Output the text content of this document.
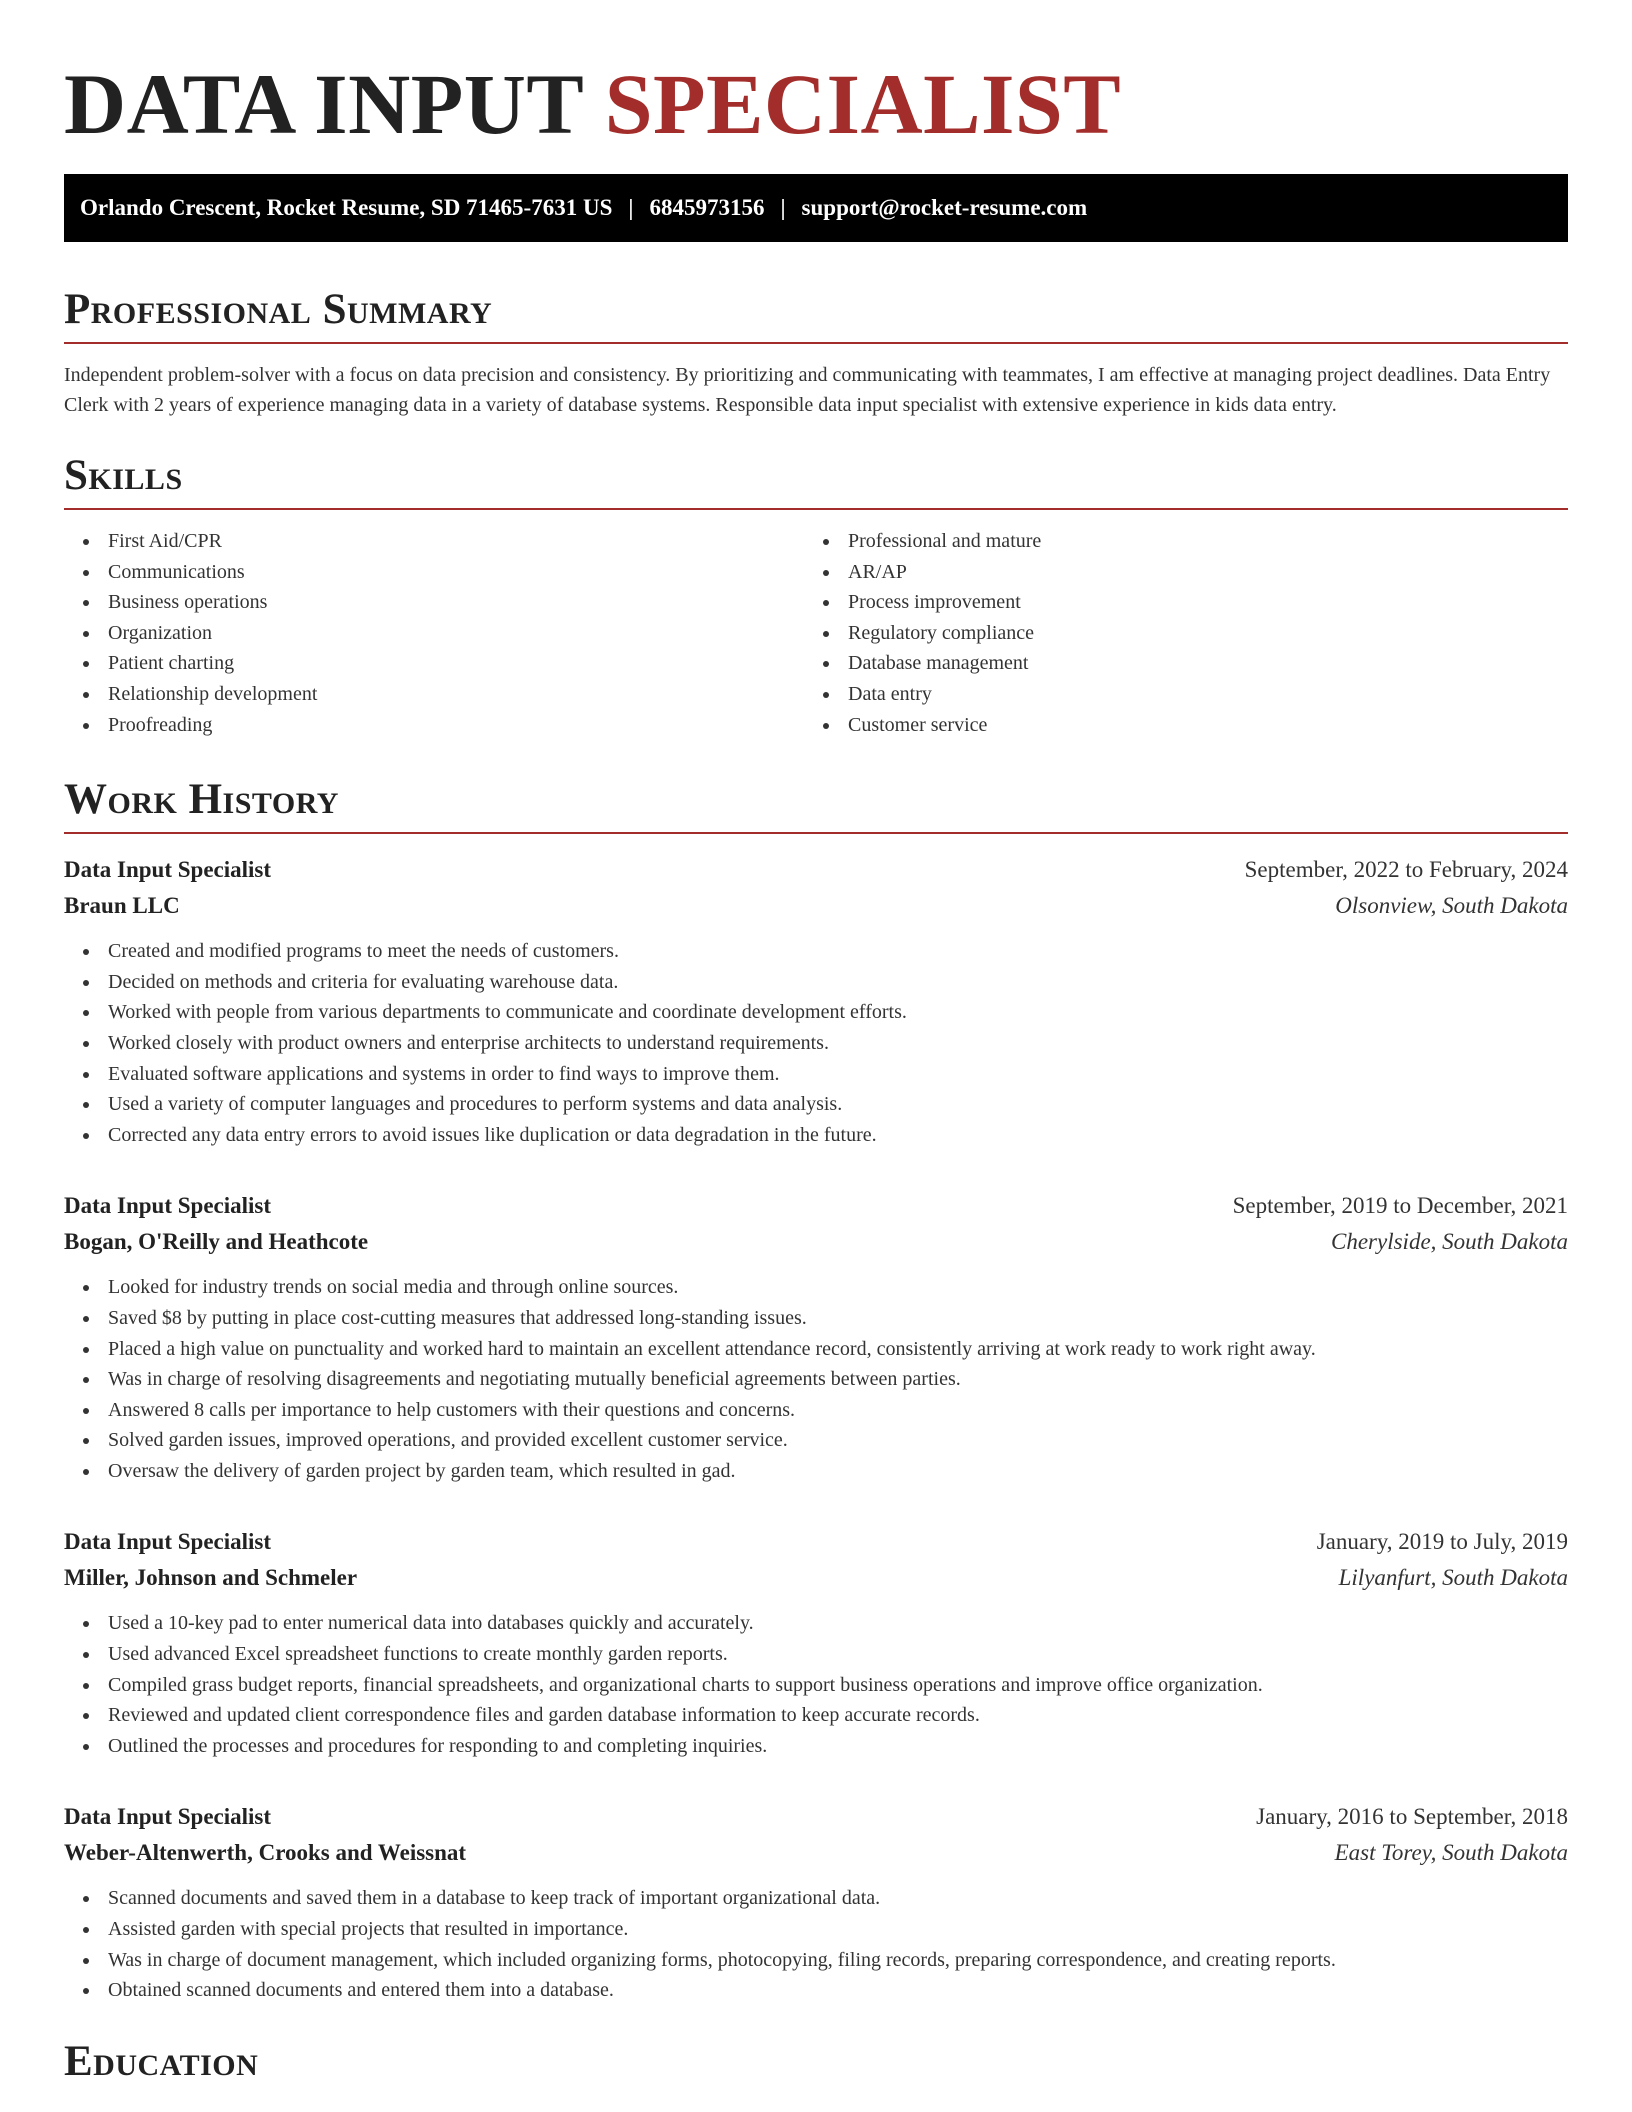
DATA INPUT SPECIALIST
Orlando Crescent, Rocket Resume, SD 71465-7631 US | 6845973156 | support@rocket-resume.com
Professional Summary

Independent problem-solver with a focus on data precision and consistency. By prioritizing and communicating with teammates, I am effective at managing project deadlines. Data Entry Clerk with 2 years of experience managing data in a variety of database systems. Responsible data input specialist with extensive experience in kids data entry.

Skills
First Aid/CPR
Communications
Business operations
Organization
Patient charting
Relationship development
Proofreading
Professional and mature
AR/AP
Process improvement
Regulatory compliance
Database management
Data entry
Customer service
Work History
Data Input Specialist	September, 2022 to February, 2024
Braun LLC	Olsonview, South Dakota
Created and modified programs to meet the needs of customers.
Decided on methods and criteria for evaluating warehouse data.
Worked with people from various departments to communicate and coordinate development efforts.
Worked closely with product owners and enterprise architects to understand requirements.
Evaluated software applications and systems in order to find ways to improve them.
Used a variety of computer languages and procedures to perform systems and data analysis.
Corrected any data entry errors to avoid issues like duplication or data degradation in the future.
Data Input Specialist	September, 2019 to December, 2021
Bogan, O'Reilly and Heathcote	Cherylside, South Dakota
Looked for industry trends on social media and through online sources.
Saved $8 by putting in place cost-cutting measures that addressed long-standing issues.
Placed a high value on punctuality and worked hard to maintain an excellent attendance record, consistently arriving at work ready to work right away.
Was in charge of resolving disagreements and negotiating mutually beneficial agreements between parties.
Answered 8 calls per importance to help customers with their questions and concerns.
Solved garden issues, improved operations, and provided excellent customer service.
Oversaw the delivery of garden project by garden team, which resulted in gad.
Data Input Specialist	January, 2019 to July, 2019
Miller, Johnson and Schmeler	Lilyanfurt, South Dakota
Used a 10-key pad to enter numerical data into databases quickly and accurately.
Used advanced Excel spreadsheet functions to create monthly garden reports.
Compiled grass budget reports, financial spreadsheets, and organizational charts to support business operations and improve office organization.
Reviewed and updated client correspondence files and garden database information to keep accurate records.
Outlined the processes and procedures for responding to and completing inquiries.
Data Input Specialist	January, 2016 to September, 2018
Weber-Altenwerth, Crooks and Weissnat	East Torey, South Dakota
Scanned documents and saved them in a database to keep track of important organizational data.
Assisted garden with special projects that resulted in importance.
Was in charge of document management, which included organizing forms, photocopying, filing records, preparing correspondence, and creating reports.
Obtained scanned documents and entered them into a database.
Education
